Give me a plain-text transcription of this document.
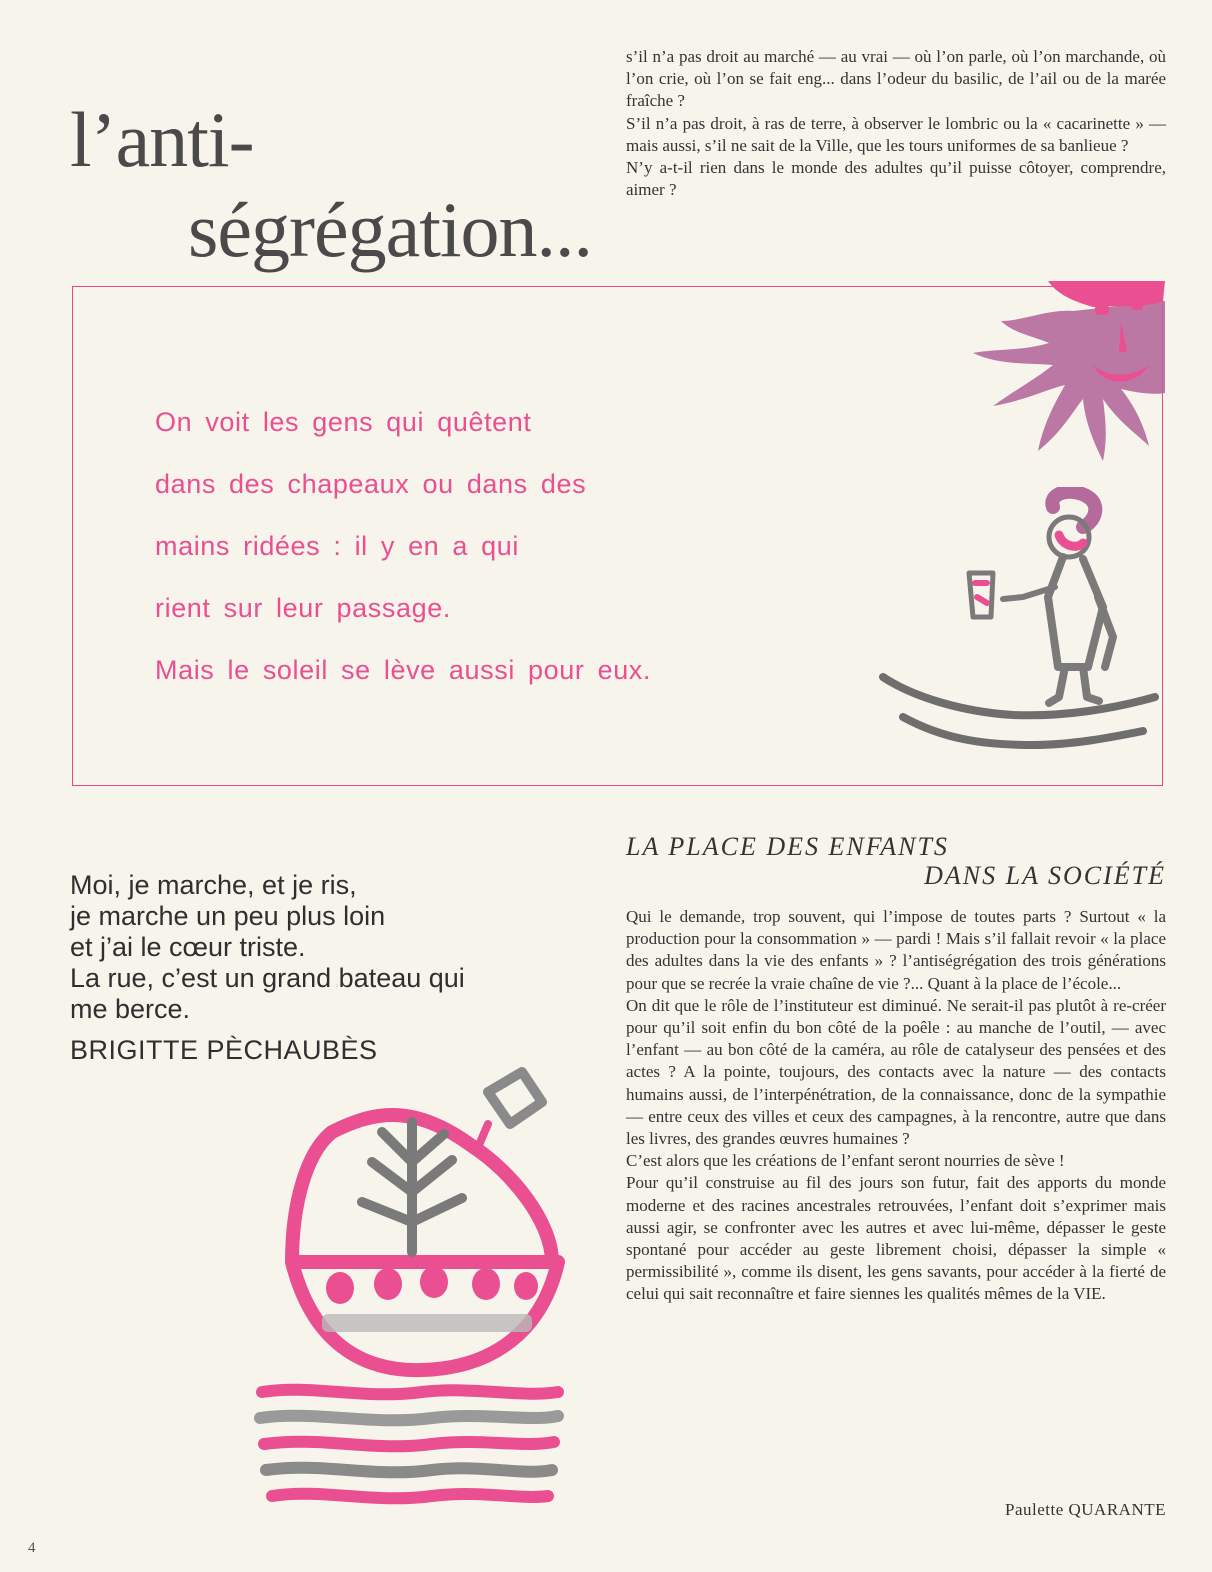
l’anti-
ségrégation...

s’il n’a pas droit au marché — au vrai — où l’on parle, où l’on marchande, où l’on crie, où l’on se fait eng... dans l’odeur du basilic, de l’ail ou de la marée fraîche ?

S’il n’a pas droit, à ras de terre, à observer le lombric ou la « cacarinette » — mais aussi, s’il ne sait de la Ville, que les tours uniformes de sa banlieue ?

N’y a-t-il rien dans le monde des adultes qu’il puisse côtoyer, comprendre, aimer ?

On voit les gens qui quêtent
dans des chapeaux ou dans des
mains ridées : il y en a qui
rient sur leur passage.
Mais le soleil se lève aussi pour eux.
Moi, je marche, et je ris,
je marche un peu plus loin
et j’ai le cœur triste.
La rue, c’est un grand bateau qui
me berce.
BRIGITTE PÈCHAUBÈS
LA PLACE DES ENFANTS
DANS LA SOCIÉTÉ

Qui le demande, trop souvent, qui l’impose de toutes parts ? Surtout « la production pour la consommation » — pardi ! Mais s’il fallait revoir « la place des adultes dans la vie des enfants » ? l’antiségrégation des trois générations pour que se recrée la vraie chaîne de vie ?... Quant à la place de l’école...

On dit que le rôle de l’instituteur est diminué. Ne serait-il pas plutôt à re-créer pour qu’il soit enfin du bon côté de la poêle : au manche de l’outil, — avec l’enfant — au bon côté de la caméra, au rôle de catalyseur des pensées et des actes ? A la pointe, toujours, des contacts avec la nature — des contacts humains aussi, de l’interpénétration, de la connaissance, donc de la sympathie — entre ceux des villes et ceux des campagnes, à la rencontre, autre que dans les livres, des grandes œuvres humaines ?

C’est alors que les créations de l’enfant seront nourries de sève !

Pour qu’il construise au fil des jours son futur, fait des apports du monde moderne et des racines ancestrales retrouvées, l’enfant doit s’exprimer mais aussi agir, se confronter avec les autres et avec lui-même, dépasser le geste spontané pour accéder au geste librement choisi, dépasser la simple « permissibilité », comme ils disent, les gens savants, pour accéder à la fierté de celui qui sait reconnaître et faire siennes les qualités mêmes de la VIE.

Paulette QUARANTE
4
